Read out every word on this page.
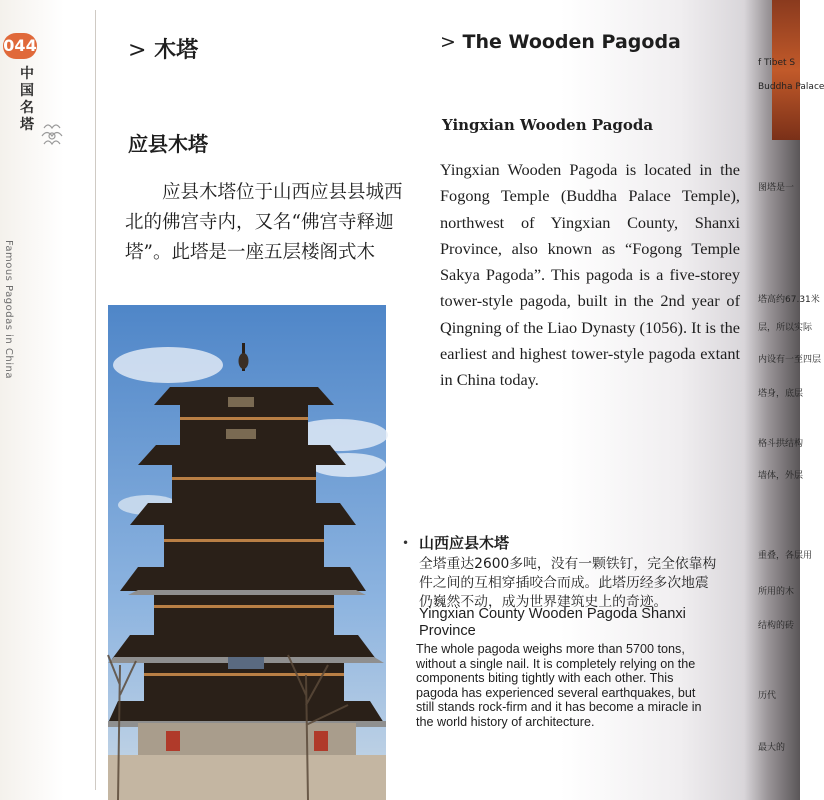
044
中国名塔
Famous Pagodas in China
> 木塔	> The Wooden Pagoda
应县木塔
Yingxian Wooden Pagoda

应县木塔位于山西应县县城西北的佛宫寺内，又名“佛宫寺释迦塔”。此塔是一座五层楼阁式木

Yingxian Wooden Pagoda is located in the Fogong Temple (Buddha Palace Temple), northwest of Yingxian County, Shanxi Province, also known as “Fogong Temple Sakya Pagoda”. This pagoda is a five-storey tower-style pagoda, built in the 2nd year of Qingning of the Liao Dynasty (1056). It is the earliest and highest tower-style pagoda extant in China today.

• 山西应县木塔

全塔重达2600多吨，没有一颗铁钉，完全依靠构件之间的互相穿插咬合而成。此塔历经多次地震仍巍然不动，成为世界建筑史上的奇迹。

Yingxian County Wooden Pagoda Shanxi Province

The whole pagoda weighs more than 5700 tons, without a single nail. It is completely relying on the components biting tightly with each other. This pagoda has experienced several earthquakes, but still stands rock-firm and it has become a miracle in the world history of architecture.

f Tibet S
Buddha Palace
图塔是一
塔高约67.31米
层，所以实际
内设有一至四层
塔身，底层
格斗拱结构
墙体，外层
重叠，各层用
所用的木
结构的砖
历代
最大的
